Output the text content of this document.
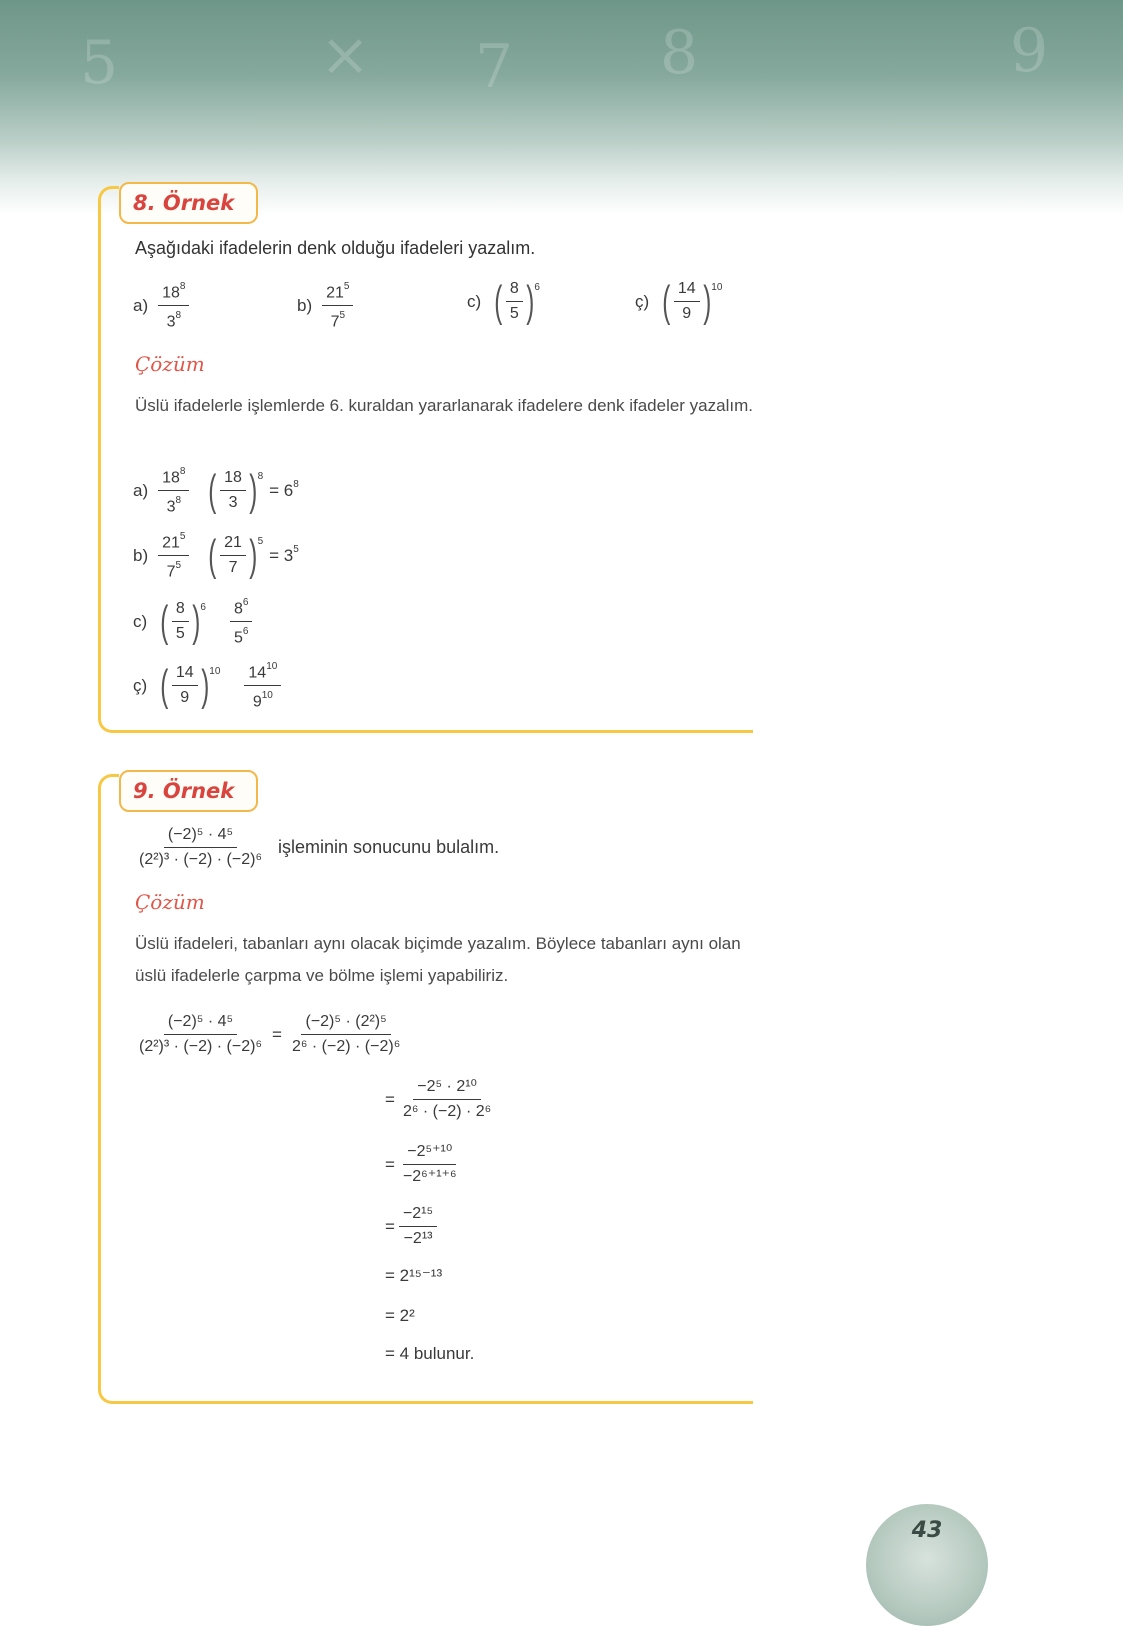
5	× 7 8	9
8. Örnek
Aşağıdaki ifadelerin denk olduğu ifadeleri yazalım.
$a) \frac{18^8}{3^8}$	$b) \frac{21^5}{7^5}$	c) ( $\frac{8}{5}$ ) 6
ç) ( $\frac{14}{9}$ ) 10
Çözüm
Üslü ifadelerle işlemlerde 6. kuraldan yararlanarak ifadelere denk ifadeler yazalım.
$a) \frac{18^8}{3^8}$ ( $\frac{18}{3}$ ) 8
= $6^8$
$b) \frac{21^5}{7^5}$ ( $\frac{21}{7}$ ) 5
= $3^5$
c) ( $\frac{8}{5}$ ) $6 \frac{8^6}{5^6}$
ç) ( $\frac{14}{9}$ ) $10 \frac{14^{10}}{9^{10}}$
9. Örnek
$\frac{\text{(−2)⁵ · 4⁵}}{\text{(2²)³ · (−2) · (−2)⁶}}$ işleminin sonucunu bulalım.
Çözüm
Üslü ifadeleri, tabanları aynı olacak biçimde yazalım. Böylece tabanları aynı olan üslü ifadelerle çarpma ve bölme işlemi yapabiliriz.
$\frac{\text{(−2)⁵ · 4⁵}}{\text{(2²)³ · (−2) · (−2)⁶}} = \frac{\text{(−2)⁵ · (2²)⁵}}{\text{2⁶ · (−2) · (−2)⁶}}$
= $\frac{\text{−2⁵ · 2¹⁰}}{\text{2⁶ · (−2) · 2⁶}}$
= $\frac{\text{−2⁵⁺¹⁰}}{\text{−2⁶⁺¹⁺⁶}}$
= $\frac{\text{−2¹⁵}}{\text{−2¹³}}$
= 2¹⁵⁻¹³
= 2²
= 4 bulunur.
43
